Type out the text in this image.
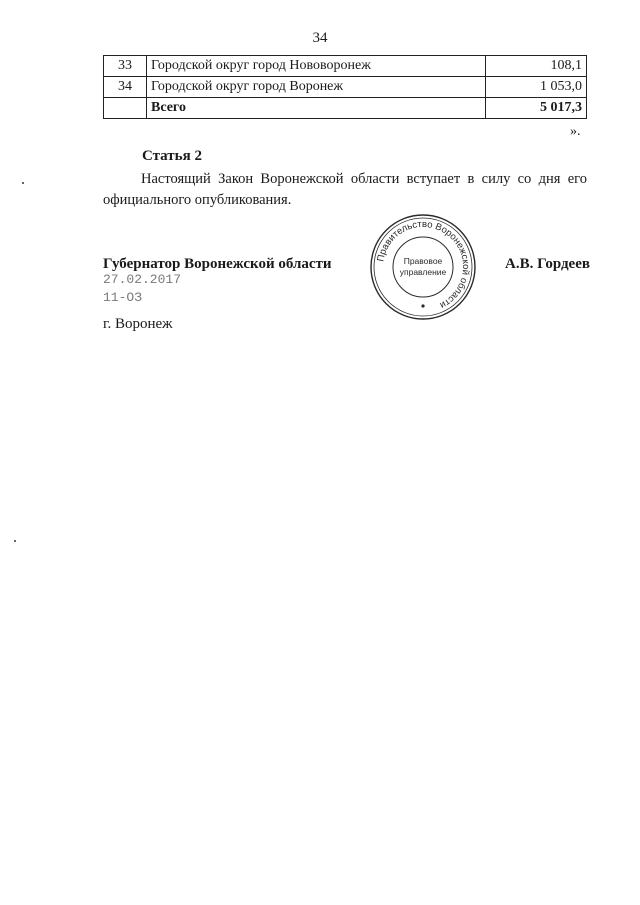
34
33	Городской округ город Нововоронеж	108,1
34	Городской округ город Воронеж	1 053,0
	Всего	5 017,3
».
Статья 2
Настоящий Закон Воронежской области вступает в силу со дня его официального опубликования.
Губернатор Воронежской области	А.В. Гордеев
27.02.2017
11-ОЗ
г. Воронеж
Правительство Воронежской области
Правовое
управление
